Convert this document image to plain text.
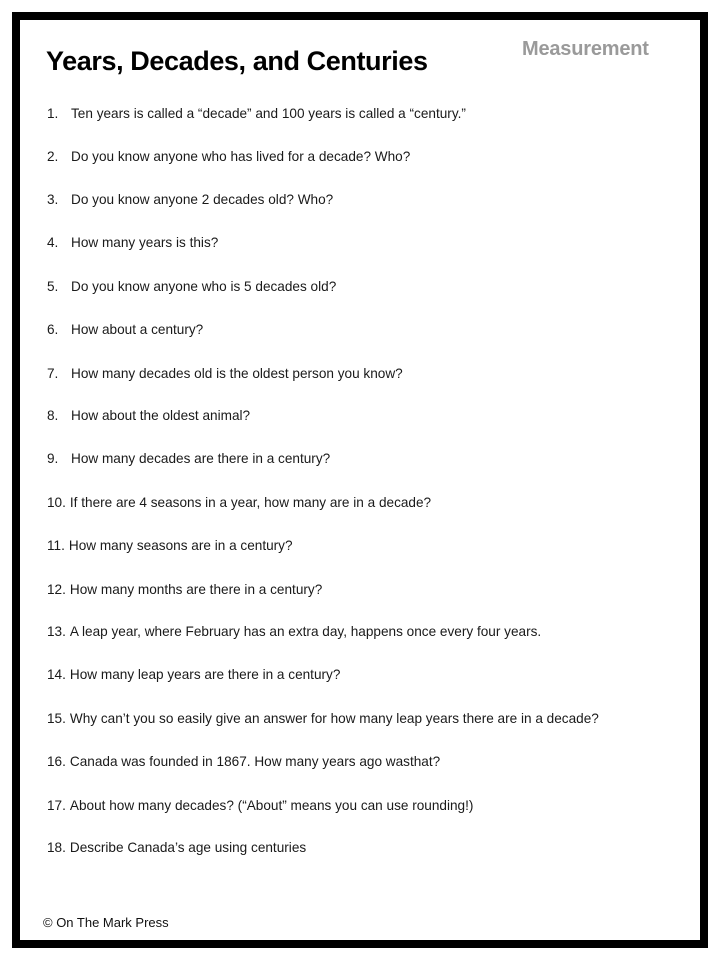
Measurement
Years, Decades, and Centuries
1. Ten years is called a “decade” and 100 years is called a “century.”
2. Do you know anyone who has lived for a decade? Who?
3. Do you know anyone 2 decades old? Who?
4. How many years is this?
5. Do you know anyone who is 5 decades old?
6. How about a century?
7. How many decades old is the oldest person you know?
8. How about the oldest animal?
9. How many decades are there in a century?
10. If there are 4 seasons in a year, how many are in a decade?
11. How many seasons are in a century?
12. How many months are there in a century?
13. A leap year, where February has an extra day, happens once every four years.
14. How many leap years are there in a century?
15. Why can’t you so easily give an answer for how many leap years there are in a decade?
16. Canada was founded in 1867. How many years ago wasthat?
17. About how many decades? (“About” means you can use rounding!)
18. Describe Canada’s age using centuries
© On The Mark Press
